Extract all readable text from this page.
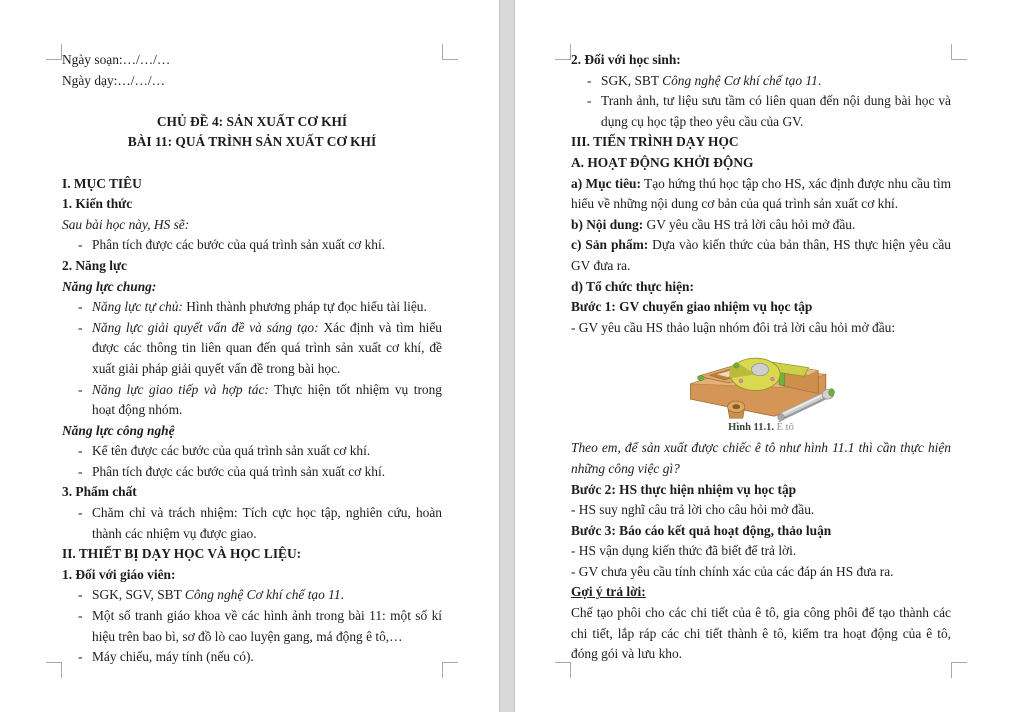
Ngày soạn:…/…/…

Ngày dạy:…/…/…

CHỦ ĐỀ 4: SẢN XUẤT CƠ KHÍ

BÀI 11: QUÁ TRÌNH SẢN XUẤT CƠ KHÍ

I. MỤC TIÊU

1. Kiến thức

Sau bài học này, HS sẽ:

- Phân tích được các bước của quá trình sản xuất cơ khí.

2. Năng lực

Năng lực chung:

- Năng lực tự chủ: Hình thành phương pháp tự đọc hiểu tài liệu.

- Năng lực giải quyết vấn đề và sáng tạo: Xác định và tìm hiểu được các thông tin liên quan đến quá trình sản xuất cơ khí, đề xuất giải pháp giải quyết vấn đề trong bài học.

- Năng lực giao tiếp và hợp tác: Thực hiện tốt nhiệm vụ trong hoạt động nhóm.

Năng lực công nghệ

- Kể tên được các bước của quá trình sản xuất cơ khí.

- Phân tích được các bước của quá trình sản xuất cơ khí.

3. Phẩm chất

- Chăm chỉ và trách nhiệm: Tích cực học tập, nghiên cứu, hoàn thành các nhiệm vụ được giao.

II. THIẾT BỊ DẠY HỌC VÀ HỌC LIỆU:

1. Đối với giáo viên:

- SGK, SGV, SBT Công nghệ Cơ khí chế tạo 11.

- Một số tranh giáo khoa về các hình ảnh trong bài 11: một số kí hiệu trên bao bì, sơ đồ lò cao luyện gang, má động ê tô,…

- Máy chiếu, máy tính (nếu có).

2. Đối với học sinh:

- SGK, SBT Công nghệ Cơ khí chế tạo 11.

- Tranh ảnh, tư liệu sưu tầm có liên quan đến nội dung bài học và dụng cụ học tập theo yêu cầu của GV.

III. TIẾN TRÌNH DẠY HỌC

A. HOẠT ĐỘNG KHỞI ĐỘNG

a) Mục tiêu: Tạo hứng thú học tập cho HS, xác định được nhu cầu tìm hiểu về những nội dung cơ bản của quá trình sản xuất cơ khí.

b) Nội dung: GV yêu cầu HS trả lời câu hỏi mở đầu.

c) Sản phẩm: Dựa vào kiến thức của bản thân, HS thực hiện yêu cầu GV đưa ra.

d) Tổ chức thực hiện:

Bước 1: GV chuyển giao nhiệm vụ học tập

- GV yêu cầu HS thảo luận nhóm đôi trả lời câu hỏi mở đầu:

Hình 11.1. Ê tô

Theo em, để sản xuất được chiếc ê tô như hình 11.1 thì cần thực hiện những công việc gì?

Bước 2: HS thực hiện nhiệm vụ học tập

- HS suy nghĩ câu trả lời cho câu hỏi mở đầu.

Bước 3: Báo cáo kết quả hoạt động, thảo luận

- HS vận dụng kiến thức đã biết để trả lời.

- GV chưa yêu cầu tính chính xác của các đáp án HS đưa ra.

Gợi ý trả lời:

Chế tạo phôi cho các chi tiết của ê tô, gia công phôi để tạo thành các chi tiết, lắp ráp các chi tiết thành ê tô, kiểm tra hoạt động của ê tô, đóng gói và lưu kho.
